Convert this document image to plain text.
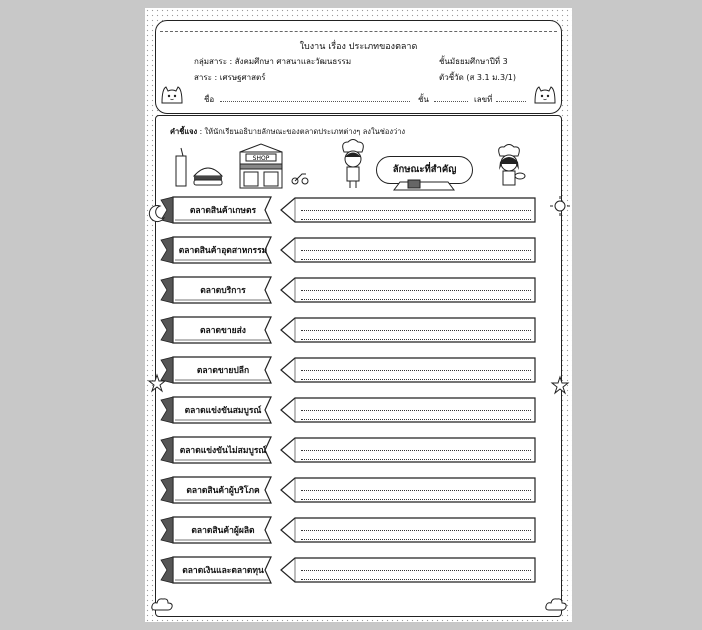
ใบงาน เรื่อง ประเภทของตลาด
กลุ่มสาระ : สังคมศึกษา ศาสนาและวัฒนธรรม	ชั้นมัธยมศึกษาปีที่ 3
สาระ : เศรษฐศาสตร์	ตัวชี้วัด (ส 3.1 ม.3/1)
ชื่อ	ชั้น	เลขที่
คำชี้แจง : ให้นักเรียนอธิบายลักษณะของตลาดประเภทต่างๆ ลงในช่องว่าง
SHOP
ลักษณะที่สำคัญ
ตลาดสินค้าเกษตร
ตลาดสินค้าอุตสาหกรรม
ตลาดบริการ
ตลาดขายส่ง
ตลาดขายปลีก
ตลาดแข่งขันสมบูรณ์
ตลาดแข่งขันไม่สมบูรณ์
ตลาดสินค้าผู้บริโภค
ตลาดสินค้าผู้ผลิต
ตลาดเงินและตลาดทุน
